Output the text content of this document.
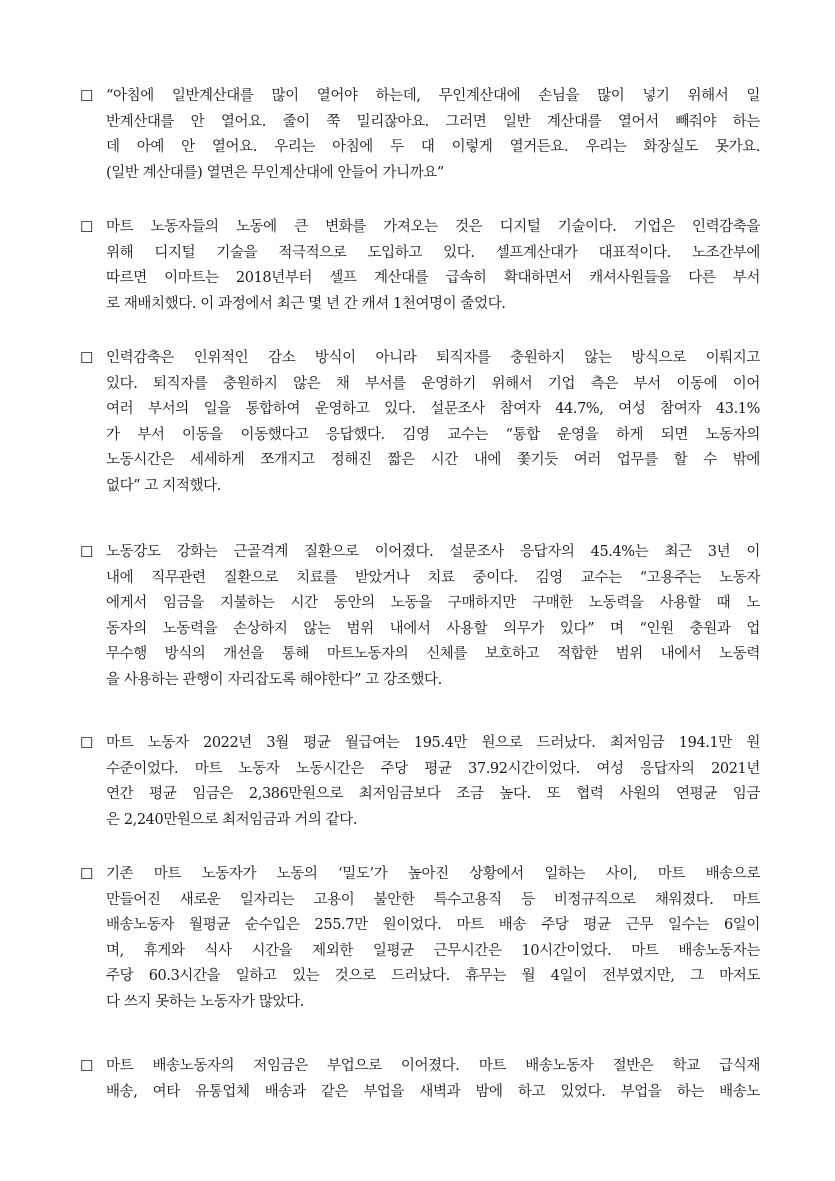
☐ “아침에 일반계산대를 많이 열어야 하는데, 무인계산대에 손님을 많이 넣기 위해서 일
반계산대를 안 열어요. 줄이 쭉 밀리잖아요. 그러면 일반 계산대를 열어서 빼줘야 하는
데 아예 안 열어요. 우리는 아침에 두 대 이렇게 열거든요. 우리는 화장실도 못가요.
(일반 계산대를) 열면은 무인계산대에 안들어 가니까요”
☐ 마트 노동자들의 노동에 큰 변화를 가져오는 것은 디지털 기술이다. 기업은 인력감축을
위해 디지털 기술을 적극적으로 도입하고 있다. 셀프계산대가 대표적이다. 노조간부에
따르면 이마트는 2018년부터 셀프 계산대를 급속히 확대하면서 캐셔사원들을 다른 부서
로 재배치했다. 이 과정에서 최근 몇 년 간 캐셔 1천여명이 줄었다.
☐ 인력감축은 인위적인 감소 방식이 아니라 퇴직자를 충원하지 않는 방식으로 이뤄지고
있다. 퇴직자를 충원하지 않은 채 부서를 운영하기 위해서 기업 측은 부서 이동에 이어
여러 부서의 일을 통합하여 운영하고 있다. 설문조사 참여자 44.7%, 여성 참여자 43.1%
가 부서 이동을 이동했다고 응답했다. 김영 교수는 “통합 운영을 하게 되면 노동자의
노동시간은 세세하게 쪼개지고 정해진 짧은 시간 내에 쫓기듯 여러 업무를 할 수 밖에
없다” 고 지적했다.
☐ 노동강도 강화는 근골격계 질환으로 이어졌다. 설문조사 응답자의 45.4%는 최근 3년 이
내에 직무관련 질환으로 치료를 받았거나 치료 중이다. 김영 교수는 “고용주는 노동자
에게서 임금을 지불하는 시간 동안의 노동을 구매하지만 구매한 노동력을 사용할 때 노
동자의 노동력을 손상하지 않는 범위 내에서 사용할 의무가 있다” 며 “인원 충원과 업
무수행 방식의 개선을 통해 마트노동자의 신체를 보호하고 적합한 범위 내에서 노동력
을 사용하는 관행이 자리잡도록 해야한다” 고 강조했다.
☐ 마트 노동자 2022년 3월 평균 월급여는 195.4만 원으로 드러났다. 최저임금 194.1만 원
수준이었다. 마트 노동자 노동시간은 주당 평균 37.92시간이었다. 여성 응답자의 2021년
연간 평균 임금은 2,386만원으로 최저임금보다 조금 높다. 또 협력 사원의 연평균 임금
은 2,240만원으로 최저임금과 거의 같다.
☐ 기존 마트 노동자가 노동의 ‘밀도’가 높아진 상황에서 일하는 사이, 마트 배송으로
만들어진 새로운 일자리는 고용이 불안한 특수고용직 등 비정규직으로 채워졌다. 마트
배송노동자 월평균 순수입은 255.7만 원이었다. 마트 배송 주당 평균 근무 일수는 6일이
며, 휴게와 식사 시간을 제외한 일평균 근무시간은 10시간이었다. 마트 배송노동자는
주당 60.3시간을 일하고 있는 것으로 드러났다. 휴무는 월 4일이 전부였지만, 그 마저도
다 쓰지 못하는 노동자가 많았다.
☐ 마트 배송노동자의 저임금은 부업으로 이어졌다. 마트 배송노동자 절반은 학교 급식재
배송, 여타 유통업체 배송과 같은 부업을 새벽과 밤에 하고 있었다. 부업을 하는 배송노
